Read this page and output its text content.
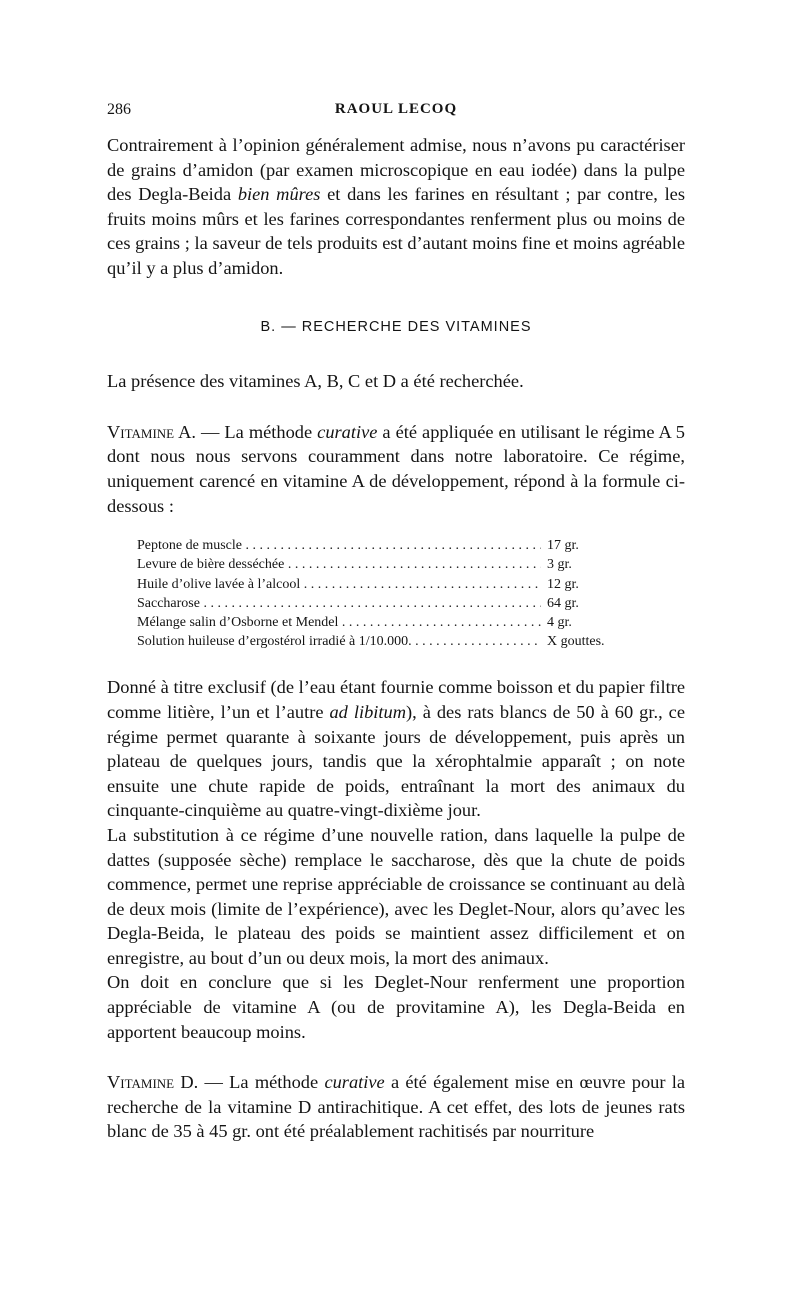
286	RAOUL LECOQ

Contrairement à l’opinion généralement admise, nous n’avons pu caractériser de grains d’amidon (par examen microscopique en eau iodée) dans la pulpe des Degla-Beida bien mûres et dans les farines en résultant ; par contre, les fruits moins mûrs et les farines correspondantes renferment plus ou moins de ces grains ; la saveur de tels produits est d’autant moins fine et moins agréable qu’il y a plus d’amidon.

B. — RECHERCHE DES VITAMINES

La présence des vitamines A, B, C et D a été recherchée.

Vitamine A. — La méthode curative a été appliquée en utilisant le régime A 5 dont nous nous servons couramment dans notre laboratoire. Ce régime, uniquement carencé en vitamine A de développement, répond à la formule ci-dessous :

Peptone de muscle . . .	17 gr.
Levure de bière desséchée . . .	3 gr.
Huile d’olive lavée à l’alcool . . .	12 gr.
Saccharose . . .	64 gr.
Mélange salin d’Osborne et Mendel . . .	4 gr.
Solution huileuse d’ergostérol irradié à 1/10.000. . . .	X gouttes.

Donné à titre exclusif (de l’eau étant fournie comme boisson et du papier filtre comme litière, l’un et l’autre ad libitum), à des rats blancs de 50 à 60 gr., ce régime permet quarante à soixante jours de développement, puis après un plateau de quelques jours, tandis que la xérophtalmie apparaît ; on note ensuite une chute rapide de poids, entraînant la mort des animaux du cinquante-cinquième au quatre-vingt-dixième jour.

La substitution à ce régime d’une nouvelle ration, dans laquelle la pulpe de dattes (supposée sèche) remplace le saccharose, dès que la chute de poids commence, permet une reprise appréciable de croissance se continuant au delà de deux mois (limite de l’expérience), avec les Deglet-Nour, alors qu’avec les Degla-Beida, le plateau des poids se maintient assez difficilement et on enregistre, au bout d’un ou deux mois, la mort des animaux.

On doit en conclure que si les Deglet-Nour renferment une proportion appréciable de vitamine A (ou de provitamine A), les Degla-Beida en apportent beaucoup moins.

Vitamine D. — La méthode curative a été également mise en œuvre pour la recherche de la vitamine D antirachitique. A cet effet, des lots de jeunes rats blanc de 35 à 45 gr. ont été préalablement rachitisés par nourriture
